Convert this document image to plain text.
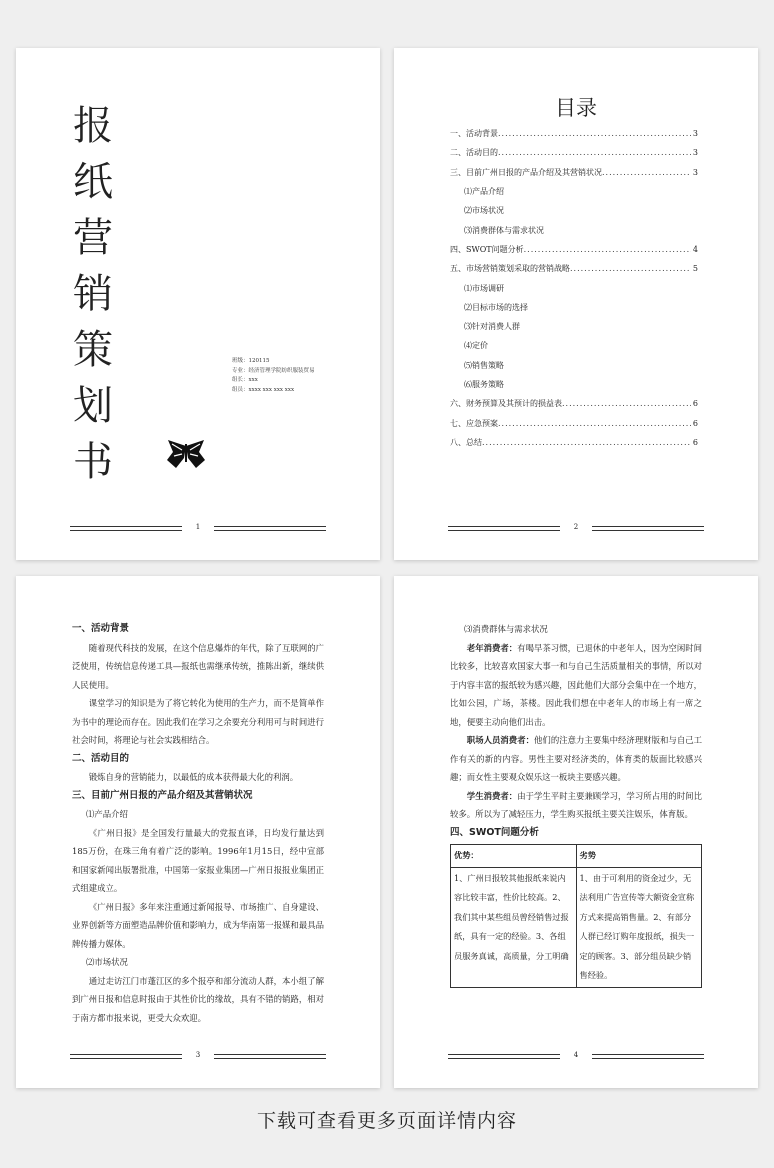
报
纸
营
销
策
划
书
班级：120115
专业：经济管理学院纺织服装贸易
组长：xxx
组员：xxxx xxx xxx xxx
1
目录
一、活动背景 .....	3
二、活动目的 .....	3
三、目前广州日报的产品介绍及其营销状况 .....	3
⑴产品介绍
⑵市场状况
⑶消费群体与需求状况
四、SWOT问题分析 .....	4
五、市场营销策划采取的营销战略 .....	5
⑴市场调研
⑵目标市场的选择
⑶针对消费人群
⑷定价
⑸销售策略
⑹服务策略
六、财务预算及其预计的损益表 .....	6
七、应急预案 .....	6
八、总结 .....	6
2
一、活动背景

随着现代科技的发展，在这个信息爆炸的年代，除了互联网的广泛使用，传统信息传递工具—报纸也需继承传统，推陈出新，继续供人民使用。

课堂学习的知识是为了将它转化为使用的生产力，而不是简单作为书中的理论而存在。因此我们在学习之余要充分利用可与时间进行社会时间，将理论与社会实践相结合。

二、活动目的

锻炼自身的营销能力，以最低的成本获得最大化的利润。

三、目前广州日报的产品介绍及其营销状况
⑴产品介绍

《广州日报》是全国发行量最大的党报直译，日均发行量达到185万份，在珠三角有着广泛的影响。1996年1月15日，经中宣部和国家新闻出版署批准，中国第一家报业集团—广州日报报业集团正式组建成立。

《广州日报》多年来注重通过新闻报导、市场推广、自身建设、业界创新等方面塑造品牌价值和影响力，成为华南第一报媒和最具品牌传播力媒体。

⑵市场状况

通过走访江门市蓬江区的多个报亭和部分流动人群，本小组了解到广州日报和信息时报由于其性价比的缘故，具有不错的销路，相对于南方都市报来说，更受大众欢迎。

3
⑶消费群体与需求状况

老年消费者：有喝早茶习惯，已退休的中老年人，因为空闲时间比较多，比较喜欢国家大事一和与自己生活质量相关的事情，所以对于内容丰富的报纸较为感兴趣，因此他们大部分会集中在一个地方，比如公园，广场，茶楼。因此我们想在中老年人的市场上有一席之地，便要主动向他们出击。

职场人员消费者：他们的注意力主要集中经济理财版和与自己工作有关的新的内容。男性主要对经济类的，体育类的版面比较感兴趣；而女性主要观众娱乐这一板块主要感兴趣。

学生消费者：由于学生平时主要兼顾学习，学习所占用的时间比较多。所以为了减轻压力，学生购买报纸主要关注娱乐，体育版。

四、SWOT问题分析
优势：	劣势
1、广州日报较其他报纸来说内容比较丰富，性价比较高。2、我们其中某些组员曾经销售过报纸，具有一定的经验。3、各组员服务真诚，高质量，分工明确	1、由于可利用的资金过少，无法利用广告宣传等大额资金宣称方式来提高销售量。2、有部分人群已经订购年度报纸，损失一定的顾客。3、部分组员缺少销售经验。
4
下载可查看更多页面详情内容
